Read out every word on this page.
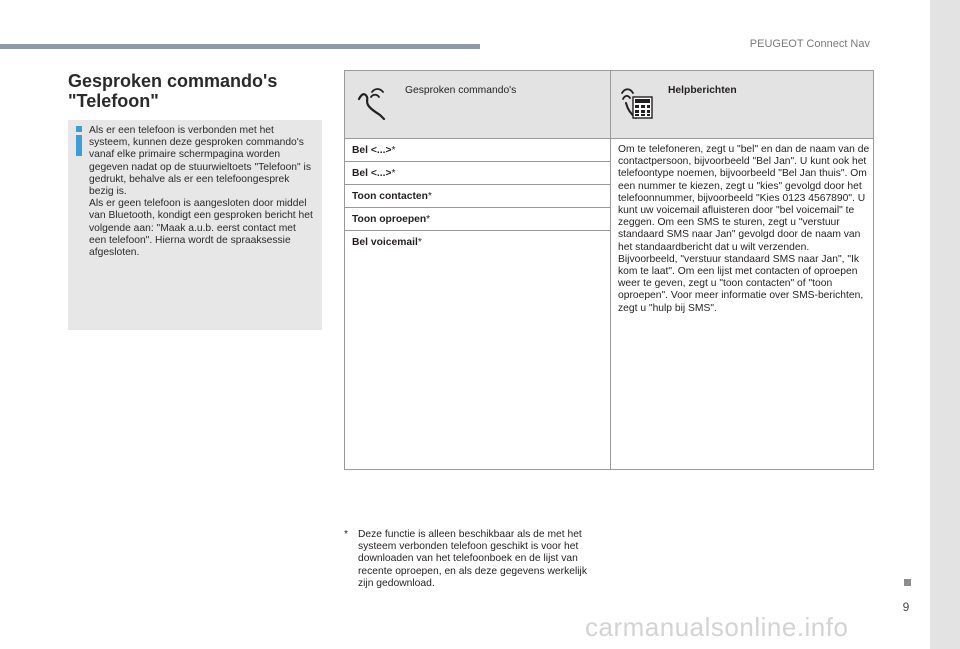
PEUGEOT Connect Nav
9
Gesproken commando's
"Telefoon"

Als er een telefoon is verbonden met het systeem, kunnen deze gesproken commando's vanaf elke primaire schermpagina worden gegeven nadat op de stuurwieltoets "Telefoon" is gedrukt, behalve als er een telefoongesprek bezig is.

Als er geen telefoon is aangesloten door middel van Bluetooth, kondigt een gesproken bericht het volgende aan: "Maak a.u.b. eerst contact met een telefoon". Hierna wordt de spraaksessie afgesloten.

Gesproken commando's	Helpberichten
Bel <...>*
Bel <...>*
Toon contacten*
Toon oproepen*
Bel voicemail*

Om te telefoneren, zegt u "bel" en dan de naam van de contactpersoon, bijvoorbeeld "Bel Jan". U kunt ook het telefoontype noemen, bijvoorbeeld "Bel Jan thuis". Om een nummer te kiezen, zegt u "kies" gevolgd door het telefoonnummer, bijvoorbeeld "Kies 0123 4567890". U kunt uw voicemail afluisteren door "bel voicemail" te zeggen. Om een SMS te sturen, zegt u "verstuur standaard SMS naar Jan" gevolgd door de naam van het standaardbericht dat u wilt verzenden. Bijvoorbeeld, "verstuur standaard SMS naar Jan", "Ik kom te laat". Om een lijst met contacten of oproepen weer te geven, zegt u "toon contacten" of "toon oproepen". Voor meer informatie over SMS-berichten, zegt u "hulp bij SMS".

* Deze functie is alleen beschikbaar als de met het systeem verbonden telefoon geschikt is voor het downloaden van het telefoonboek en de lijst van recente oproepen, en als deze gegevens werkelijk zijn gedownload.
carmanualsonline.info
